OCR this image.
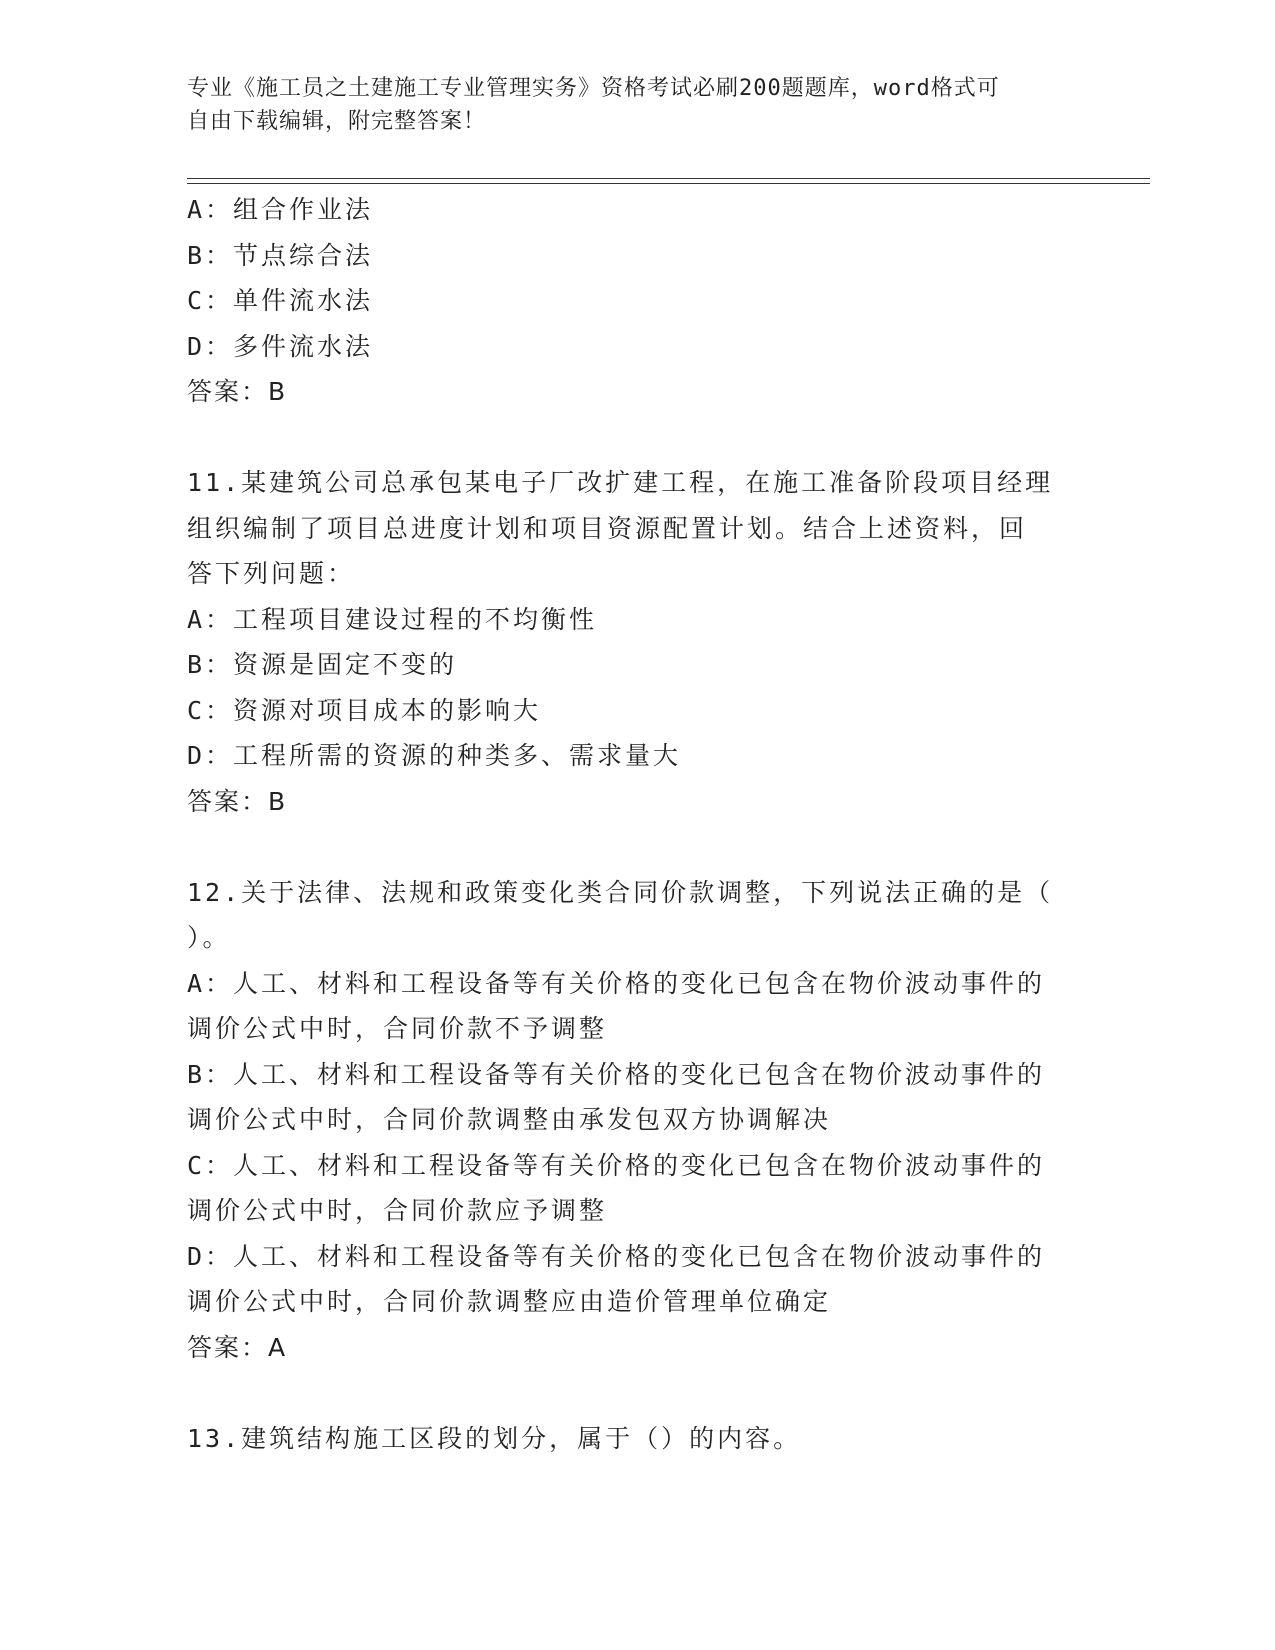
专业《施工员之土建施工专业管理实务》资格考试必刷200题题库，word格式可
自由下载编辑，附完整答案！
A：组合作业法
B：节点综合法
C：单件流水法
D：多件流水法
答案：B
11.某建筑公司总承包某电子厂改扩建工程，在施工准备阶段项目经理
组织编制了项目总进度计划和项目资源配置计划。结合上述资料，回
答下列问题：
A：工程项目建设过程的不均衡性
B：资源是固定不变的
C：资源对项目成本的影响大
D：工程所需的资源的种类多、需求量大
答案：B
12.关于法律、法规和政策变化类合同价款调整，下列说法正确的是（
）。
A：人工、材料和工程设备等有关价格的变化已包含在物价波动事件的
调价公式中时，合同价款不予调整
B：人工、材料和工程设备等有关价格的变化已包含在物价波动事件的
调价公式中时，合同价款调整由承发包双方协调解决
C：人工、材料和工程设备等有关价格的变化已包含在物价波动事件的
调价公式中时，合同价款应予调整
D：人工、材料和工程设备等有关价格的变化已包含在物价波动事件的
调价公式中时，合同价款调整应由造价管理单位确定
答案：A
13.建筑结构施工区段的划分，属于（）的内容。
